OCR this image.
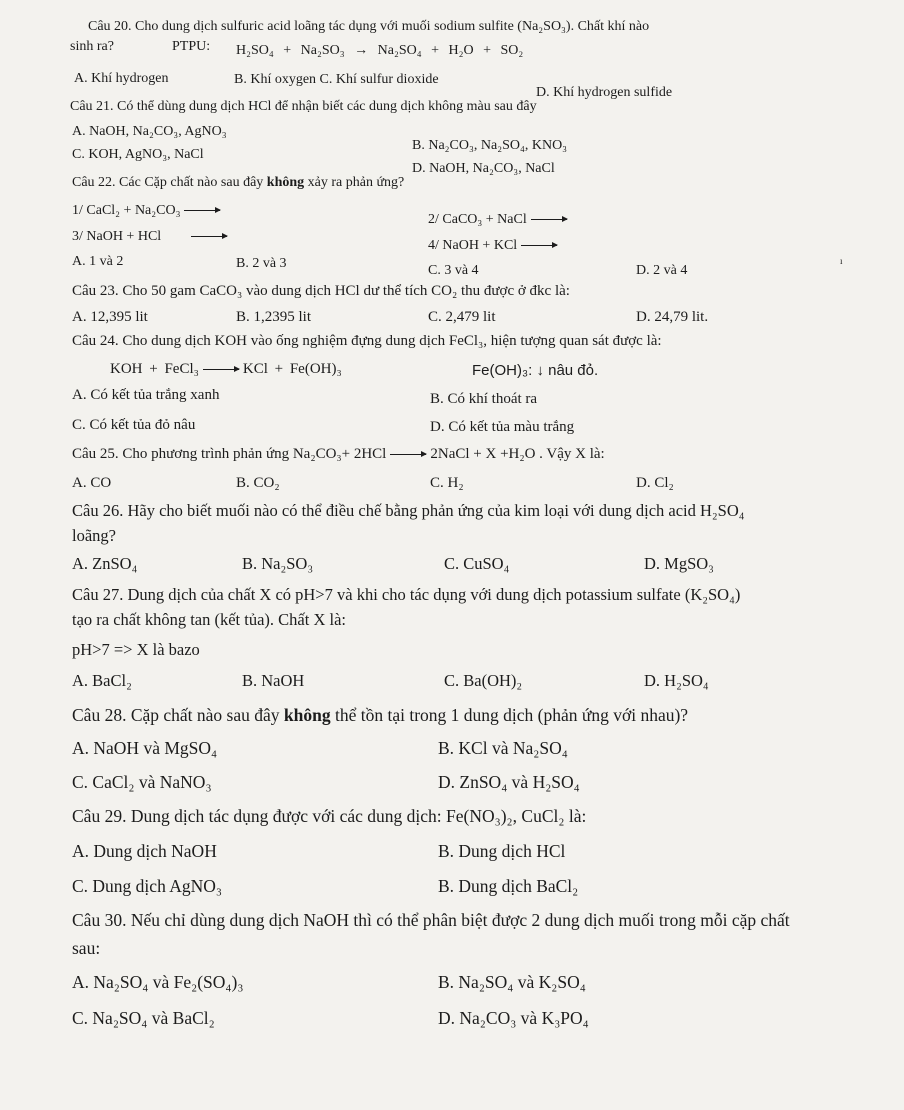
Câu 20. Cho dung dịch sulfuric acid loãng tác dụng với muối sodium sulfite (Na₂SO₃). Chất khí nào
sinh ra?	PTPU: H₂SO₄ + Na₂SO₃ → Na₂SO₄ + H₂O + SO₂
A. Khí hydrogen	B. Khí oxygen C. Khí sulfur dioxide
D. Khí hydrogen sulfide
Câu 21. Có thể dùng dung dịch HCl để nhận biết các dung dịch không màu sau đây
A. NaOH, Na₂CO₃, AgNO₃
B. Na₂CO₃, Na₂SO₄, KNO₃
C. KOH, AgNO₃, NaCl
D. NaOH, Na₂CO₃, NaCl
Câu 22. Các Cặp chất nào sau đây không xảy ra phản ứng?
1/ CaCl₂ + Na₂CO₃
2/ CaCO₃ + NaCl
3/ NaOH + HCl
4/ NaOH + KCl
A. 1 và 2	B. 2 và 3	C. 3 và 4	D. 2 và 4
ı
Câu 23. Cho 50 gam CaCO₃ vào dung dịch HCl dư thể tích CO₂ thu được ở đkc là:
A. 12,395 lit	B. 1,2395 lit	C. 2,479 lit	D. 24,79 lit.
Câu 24. Cho dung dịch KOH vào ống nghiệm đựng dung dịch FeCl₃, hiện tượng quan sát được là:
KOH + FeCl₃	KCl + Fe(OH)₃	Fe(OH)₃: ↓ nâu đỏ.
A. Có kết tủa trắng xanh	B. Có khí thoát ra
C. Có kết tủa đỏ nâu	D. Có kết tủa màu trắng
Câu 25. Cho phương trình phản ứng Na₂CO₃+ 2HCl	2NaCl + X +H₂O . Vậy X là:
A. CO	B. CO₂	C. H₂	D. Cl₂
Câu 26. Hãy cho biết muối nào có thể điều chế bằng phản ứng của kim loại với dung dịch acid H₂SO₄
loãng?
A. ZnSO₄	B. Na₂SO₃	C. CuSO₄	D. MgSO₃
Câu 27. Dung dịch của chất X có pH>7 và khi cho tác dụng với dung dịch potassium sulfate (K₂SO₄)
tạo ra chất không tan (kết tủa). Chất X là:
pH>7 => X là bazo
A. BaCl₂	B. NaOH	C. Ba(OH)₂	D. H₂SO₄
Câu 28. Cặp chất nào sau đây không thể tồn tại trong 1 dung dịch (phản ứng với nhau)?
A. NaOH và MgSO₄	B. KCl và Na₂SO₄
C. CaCl₂ và NaNO₃	D. ZnSO₄ và H₂SO₄
Câu 29. Dung dịch tác dụng được với các dung dịch: Fe(NO₃)₂, CuCl₂ là:
A. Dung dịch NaOH	B. Dung dịch HCl
C. Dung dịch AgNO₃	B. Dung dịch BaCl₂
Câu 30. Nếu chỉ dùng dung dịch NaOH thì có thể phân biệt được 2 dung dịch muối trong mỗi cặp chất
sau:
A. Na₂SO₄ và Fe₂(SO₄)₃	B. Na₂SO₄ và K₂SO₄
C. Na₂SO₄ và BaCl₂	D. Na₂CO₃ và K₃PO₄
